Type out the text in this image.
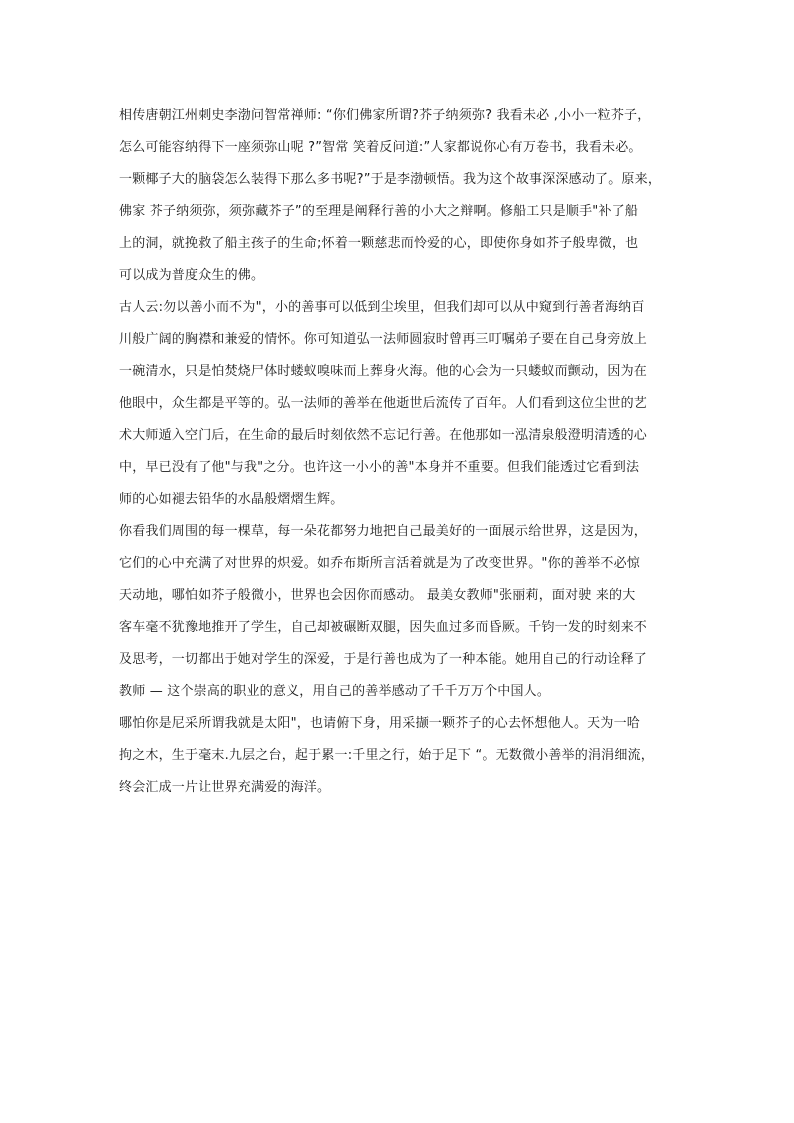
相传唐朝江州刺史李渤问智常禅师: “你们佛家所谓?芥子纳须弥? 我看未必 ,小小一粒芥子，
怎么可能容纳得下一座须弥山呢 ?”智常 笑着反问道:”人家都说你心有万卷书，我看未必。
一颗椰子大的脑袋怎么装得下那么多书呢?”于是李渤顿悟。我为这个故事深深感动了。原来，
佛家 芥子纳须弥，须弥藏芥子”的至理是阐释行善的小大之辩啊。修船工只是顺手"补了船
上的洞，就挽救了船主孩子的生命;怀着一颗慈悲而怜爱的心，即使你身如芥子般卑微，也
可以成为普度众生的佛。
古人云:勿以善小而不为"，小的善事可以低到尘埃里，但我们却可以从中窥到行善者海纳百
川般广阔的胸襟和兼爱的情怀。你可知道弘一法师圆寂时曾再三叮嘱弟子要在自己身旁放上
一碗清水，只是怕焚烧尸体时蝼蚁嗅味而上葬身火海。他的心会为一只蝼蚁而颤动，因为在
他眼中，众生都是平等的。弘一法师的善举在他逝世后流传了百年。人们看到这位尘世的艺
术大师遁入空门后，在生命的最后时刻依然不忘记行善。在他那如一泓清泉般澄明清透的心
中，早已没有了他"与我"之分。也许这一小小的善"本身并不重要。但我们能透过它看到法
师的心如褪去铅华的水晶般熠熠生辉。
你看我们周围的每一棵草，每一朵花都努力地把自己最美好的一面展示给世界，这是因为，
它们的心中充满了对世界的炽爱。如乔布斯所言活着就是为了改变世界。"你的善举不必惊
天动地，哪怕如芥子般微小，世界也会因你而感动。 最美女教师"张丽莉，面对驶 来的大
客车毫不犹豫地推开了学生，自己却被碾断双腿，因失血过多而昏厥。千钧一发的时刻来不
及思考，一切都出于她对学生的深爱，于是行善也成为了一种本能。她用自己的行动诠释了
教师 — 这个崇高的职业的意义，用自己的善举感动了千千万万个中国人。
哪怕你是尼采所谓我就是太阳"，也请俯下身，用采撷一颗芥子的心去怀想他人。天为一哈
拘之木，生于毫末.九层之台，起于累一:千里之行，始于足下 “。无数微小善举的涓涓细流，
终会汇成一片让世界充满爱的海洋。
